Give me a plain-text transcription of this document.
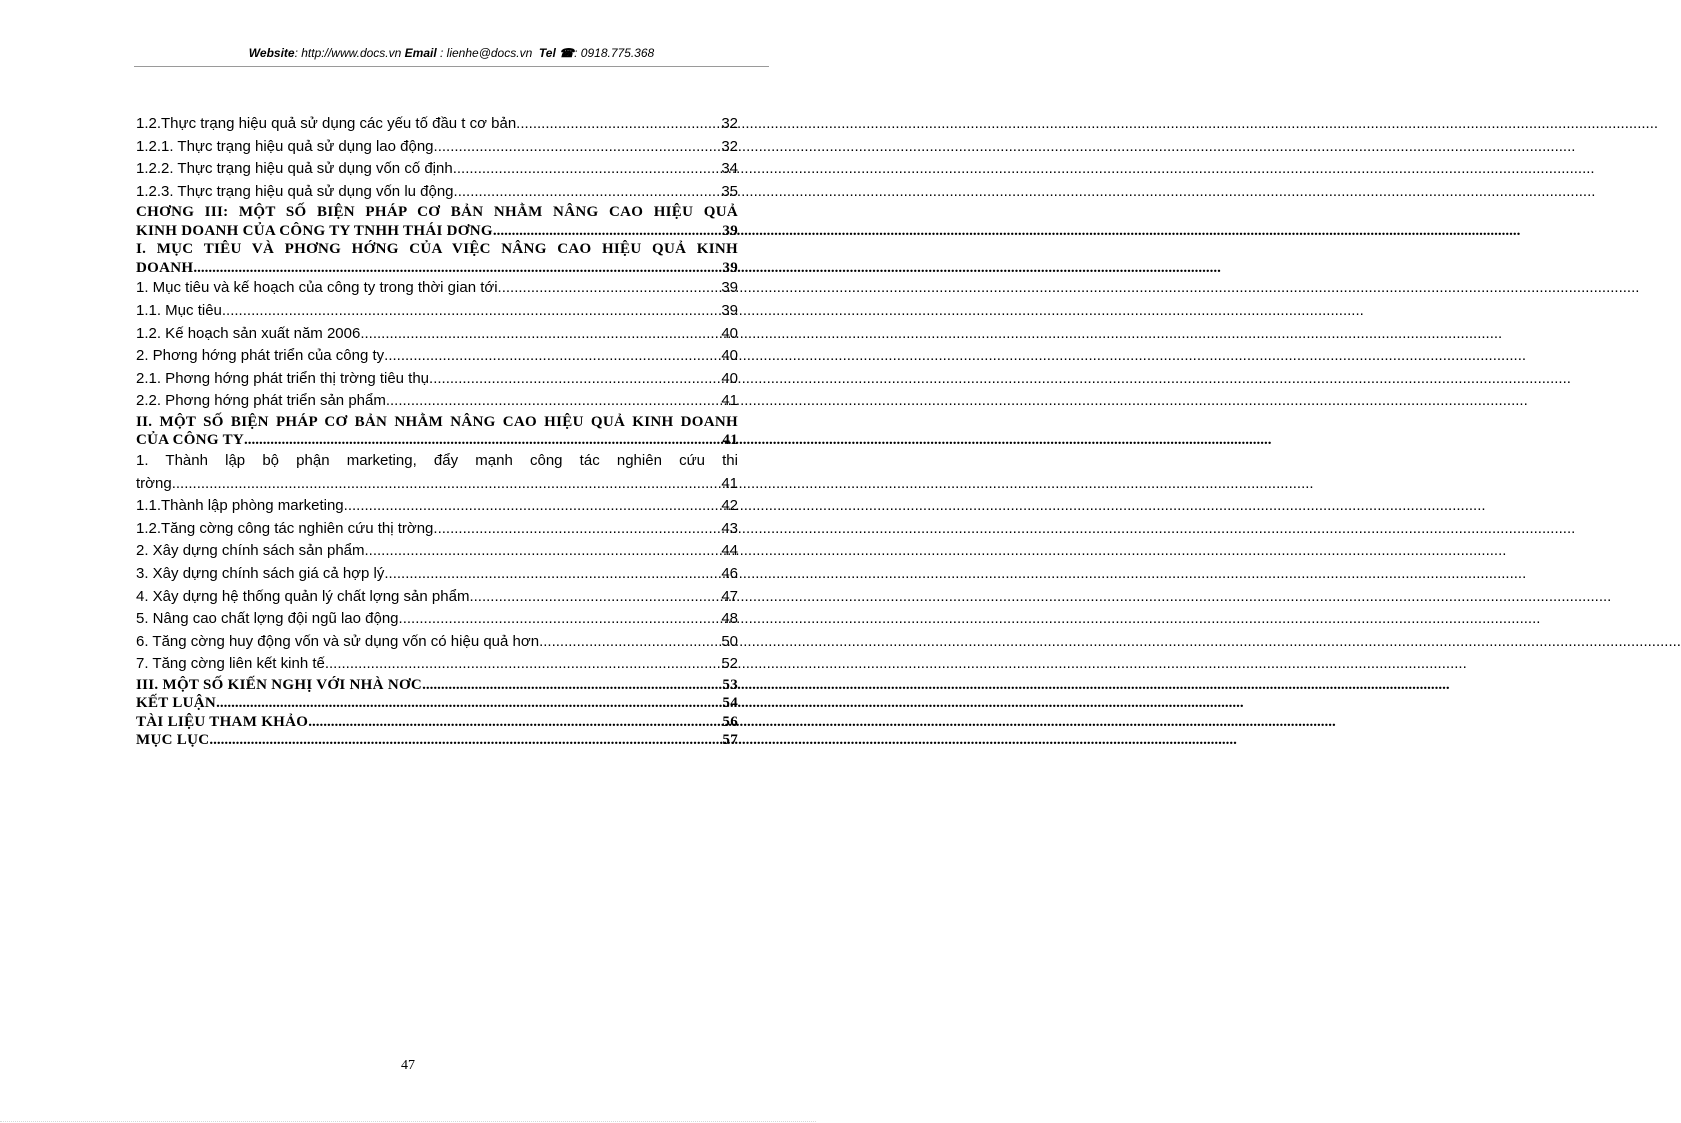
Website: http://www.docs.vn Email : lienhe@docs.vn Tel ☎: 0918.775.368
1.2.Thực trạng hiệu quả sử dụng các yếu tố đầu t cơ bản .....	32
1.2.1. Thực trạng hiệu quả sử dụng lao động .....	32
1.2.2. Thực trạng hiệu quả sử dụng vốn cố định .....	34
1.2.3. Thực trạng hiệu quả sử dụng vốn lu động .....	35
CHƠNG III: MỘT SỐ BIỆN PHÁP CƠ BẢN NHẰM NÂNG CAO HIỆU QUẢ
KINH DOANH CỦA CÔNG TY TNHH THÁI DƠNG .....	39
I. MỤC TIÊU VÀ PHƠNG HỚNG CỦA VIỆC NÂNG CAO HIỆU QUẢ KINH
DOANH .....	39
1. Mục tiêu và kế hoạch của công ty trong thời gian tới .....	39
1.1. Mục tiêu .....	39
1.2. Kế hoạch sản xuất năm 2006 .....	40
2. Phơng hớng phát triển của công ty .....	40
2.1. Phơng hớng phát triển thị trờng tiêu thụ .....	40
2.2. Phơng hớng phát triển sản phẩm .....	41
II. MỘT SỐ BIỆN PHÁP CƠ BẢN NHẰM NÂNG CAO HIỆU QUẢ KINH DOANH
CỦA CÔNG TY .....	41
1. Thành lập bộ phận marketing, đẩy mạnh công tác nghiên cứu thi
trờng .....	41
1.1.Thành lập phòng marketing .....	42
1.2.Tăng cờng công tác nghiên cứu thị trờng .....	43
2. Xây dựng chính sách sản phẩm .....	44
3. Xây dựng chính sách giá cả hợp lý .....	46
4. Xây dựng hệ thống quản lý chất lợng sản phẩm .....	47
5. Nâng cao chất lợng đội ngũ lao động .....	48
6. Tăng cờng huy động vốn và sử dụng vốn có hiệu quả hơn .....	50
7. Tăng cờng liên kết kinh tế .....	52
III. MỘT SỐ KIẾN NGHỊ VỚI NHÀ NƠC .....	53
KẾT LUẬN .....	54
TÀI LIỆU THAM KHẢO .....	56
MỤC LỤC .....	57
47
